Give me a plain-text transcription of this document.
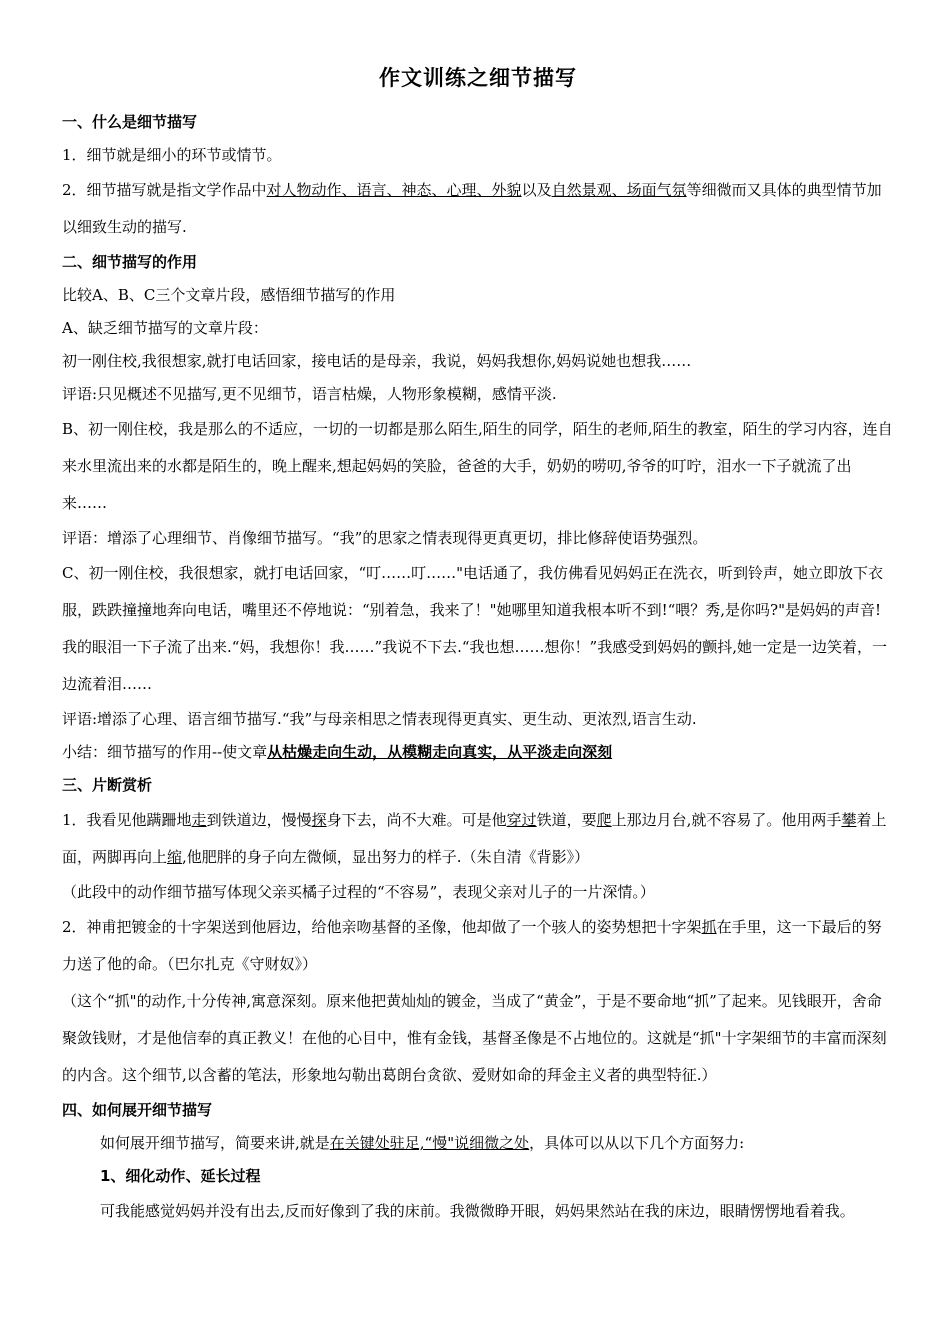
作文训练之细节描写
一、什么是细节描写
1．细节就是细小的环节或情节。
2．细节描写就是指文学作品中对人物动作、语言、神态、心理、外貌以及自然景观、场面气氛等细微而又具体的典型情节加以细致生动的描写.
二、细节描写的作用
比较A、B、C三个文章片段，感悟细节描写的作用
A、缺乏细节描写的文章片段：
初一刚住校,我很想家,就打电话回家，接电话的是母亲，我说，妈妈我想你,妈妈说她也想我……
评语:只见概述不见描写,更不见细节，语言枯燥，人物形象模糊，感情平淡.
B、初一刚住校，我是那么的不适应，一切的一切都是那么陌生,陌生的同学，陌生的老师,陌生的教室，陌生的学习内容，连自来水里流出来的水都是陌生的，晚上醒来,想起妈妈的笑脸，爸爸的大手，奶奶的唠叨,爷爷的叮咛，泪水一下子就流了出来……
评语：增添了心理细节、肖像细节描写。“我”的思家之情表现得更真更切，排比修辞使语势强烈。
C、初一刚住校，我很想家，就打电话回家，“叮……叮……"电话通了，我仿佛看见妈妈正在洗衣，听到铃声，她立即放下衣服，跌跌撞撞地奔向电话，嘴里还不停地说：“别着急，我来了！"她哪里知道我根本听不到!“喂？秀,是你吗?"是妈妈的声音!我的眼泪一下子流了出来.“妈，我想你！我……”我说不下去.“我也想……想你！”我感受到妈妈的颤抖,她一定是一边笑着，一边流着泪……
评语:增添了心理、语言细节描写.“我”与母亲相思之情表现得更真实、更生动、更浓烈,语言生动.
小结：细节描写的作用--使文章从枯燥走向生动，从模糊走向真实，从平淡走向深刻
三、片断赏析
1．我看见他蹒跚地走到铁道边，慢慢探身下去，尚不大难。可是他穿过铁道，要爬上那边月台,就不容易了。他用两手攀着上面，两脚再向上缩,他肥胖的身子向左微倾，显出努力的样子.（朱自清《背影》）
（此段中的动作细节描写体现父亲买橘子过程的“不容易”，表现父亲对儿子的一片深情。）
2．神甫把镀金的十字架送到他唇边，给他亲吻基督的圣像，他却做了一个骇人的姿势想把十字架抓在手里，这一下最后的努力送了他的命。（巴尔扎克《守财奴》）
（这个“抓"的动作,十分传神,寓意深刻。原来他把黄灿灿的镀金，当成了“黄金”，于是不要命地“抓”了起来。见钱眼开，舍命聚敛钱财，才是他信奉的真正教义！在他的心目中，惟有金钱，基督圣像是不占地位的。这就是“抓"十字架细节的丰富而深刻的内含。这个细节,以含蓄的笔法，形象地勾勒出葛朗台贪欲、爱财如命的拜金主义者的典型特征.）
四、如何展开细节描写
如何展开细节描写，简要来讲,就是在关键处驻足,“慢"说细微之处，具体可以从以下几个方面努力:
1、细化动作、延长过程
可我能感觉妈妈并没有出去,反而好像到了我的床前。我微微睁开眼，妈妈果然站在我的床边，眼睛愣愣地看着我。
